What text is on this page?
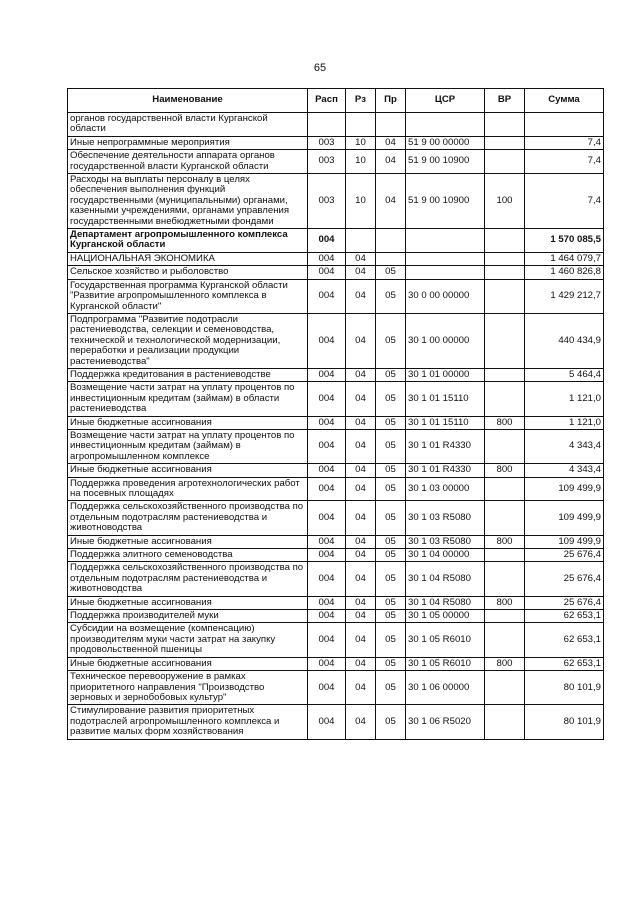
65
Наименование	Расп	Рз	Пр	ЦСР	ВР	Сумма
органов государственной власти Курганской области						
Иные непрограммные мероприятия	003	10	04	51 9 00 00000		7,4
Обеспечение деятельности аппарата органов государственной власти Курганской области	003	10	04	51 9 00 10900		7,4
Расходы на выплаты персоналу в целях обеспечения выполнения функций государственными (муниципальными) органами, казенными учреждениями, органами управления государственными внебюджетными фондами	003	10	04	51 9 00 10900	100	7,4
Департамент агропромышленного комплекса Курганской области	004					1 570 085,5
НАЦИОНАЛЬНАЯ ЭКОНОМИКА	004	04				1 464 079,7
Сельское хозяйство и рыболовство	004	04	05			1 460 826,8
Государственная программа Курганской области "Развитие агропромышленного комплекса в Курганской области"	004	04	05	30 0 00 00000		1 429 212,7
Подпрограмма "Развитие подотрасли растениеводства, селекции и семеноводства, технической и технологической модернизации, переработки и реализации продукции растениеводства"	004	04	05	30 1 00 00000		440 434,9
Поддержка кредитования в растениеводстве	004	04	05	30 1 01 00000		5 464,4
Возмещение части затрат на уплату процентов по инвестиционным кредитам (займам) в области растениеводства	004	04	05	30 1 01 15110		1 121,0
Иные бюджетные ассигнования	004	04	05	30 1 01 15110	800	1 121,0
Возмещение части затрат на уплату процентов по инвестиционным кредитам (займам) в агропромышленном комплексе	004	04	05	30 1 01 R4330		4 343,4
Иные бюджетные ассигнования	004	04	05	30 1 01 R4330	800	4 343,4
Поддержка проведения агротехнологических работ на посевных площадях	004	04	05	30 1 03 00000		109 499,9
Поддержка сельскохозяйственного производства по отдельным подотраслям растениеводства и животноводства	004	04	05	30 1 03 R5080		109 499,9
Иные бюджетные ассигнования	004	04	05	30 1 03 R5080	800	109 499,9
Поддержка элитного семеноводства	004	04	05	30 1 04 00000		25 676,4
Поддержка сельскохозяйственного производства по отдельным подотраслям растениеводства и животноводства	004	04	05	30 1 04 R5080		25 676,4
Иные бюджетные ассигнования	004	04	05	30 1 04 R5080	800	25 676,4
Поддержка производителей муки	004	04	05	30 1 05 00000		62 653,1
Субсидии на возмещение (компенсацию) производителям муки части затрат на закупку продовольственной пшеницы	004	04	05	30 1 05 R6010		62 653,1
Иные бюджетные ассигнования	004	04	05	30 1 05 R6010	800	62 653,1
Техническое перевооружение в рамках приоритетного направления "Производство зерновых и зернобобовых культур"	004	04	05	30 1 06 00000		80 101,9
Стимулирование развития приоритетных подотраслей агропромышленного комплекса и развитие малых форм хозяйствования	004	04	05	30 1 06 R5020		80 101,9
